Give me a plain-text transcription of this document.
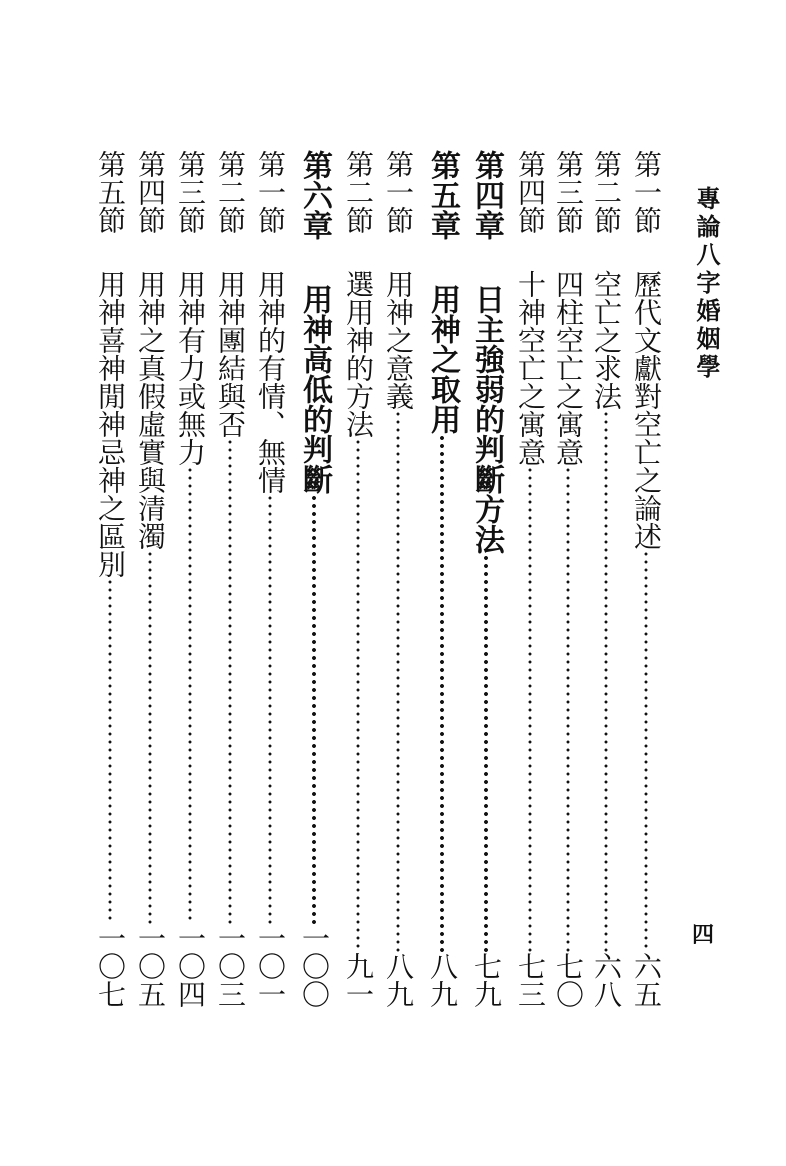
專論八字婚姻學
四
第一節
歷代文獻對空亡之論述
六五
第二節
空亡之求法
六八
第三節
四柱空亡之寓意
七〇
第四節
十神空亡之寓意
七三
第四章
日主強弱的判斷方法
七九
第五章
用神之取用
八九
第一節
用神之意義
八九
第二節
選用神的方法
九一
第六章
用神高低的判斷
一〇〇
第一節
用神的有情、無情
一〇一
第二節
用神團結與否
一〇三
第三節
用神有力或無力
一〇四
第四節
用神之真假虛實與清濁
一〇五
第五節
用神喜神閒神忌神之區別
一〇七
